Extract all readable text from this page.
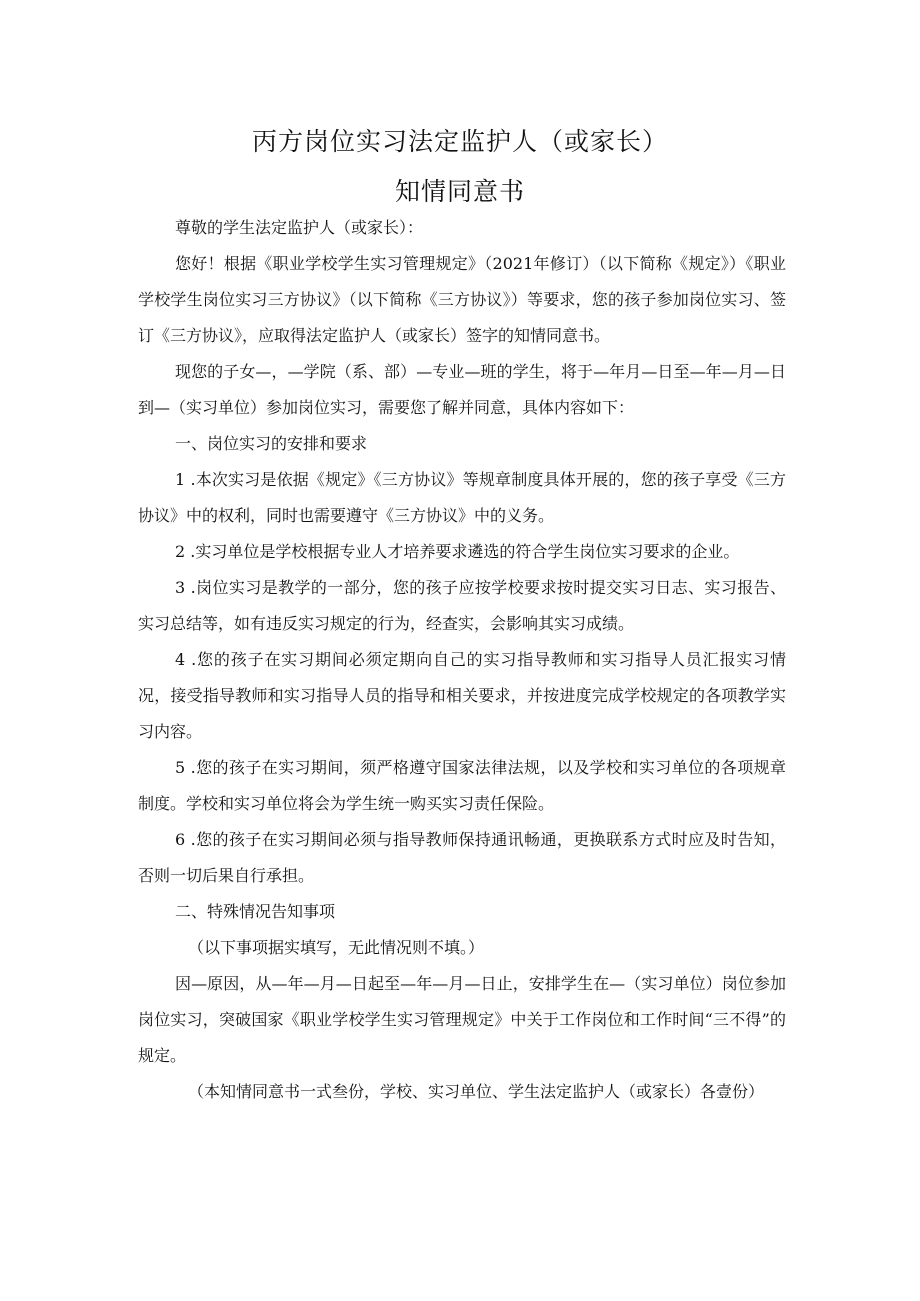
丙方岗位实习法定监护人（或家长）
知情同意书

尊敬的学生法定监护人（或家长）：

您好！根据《职业学校学生实习管理规定》（2021年修订）（以下简称《规定》）《职业学校学生岗位实习三方协议》（以下简称《三方协议》）等要求，您的孩子参加岗位实习、签订《三方协议》，应取得法定监护人（或家长）签字的知情同意书。

现您的子女—，—学院（系、部）—专业—班的学生，将于—年月—日至—年—月—日到—（实习单位）参加岗位实习，需要您了解并同意，具体内容如下：

一、岗位实习的安排和要求

1 .本次实习是依据《规定》《三方协议》等规章制度具体开展的，您的孩子享受《三方协议》中的权利，同时也需要遵守《三方协议》中的义务。

2 .实习单位是学校根据专业人才培养要求遴选的符合学生岗位实习要求的企业。

3 .岗位实习是教学的一部分，您的孩子应按学校要求按时提交实习日志、实习报告、实习总结等，如有违反实习规定的行为，经查实，会影响其实习成绩。

4 .您的孩子在实习期间必须定期向自己的实习指导教师和实习指导人员汇报实习情况，接受指导教师和实习指导人员的指导和相关要求，并按进度完成学校规定的各项教学实习内容。

5 .您的孩子在实习期间，须严格遵守国家法律法规，以及学校和实习单位的各项规章制度。学校和实习单位将会为学生统一购买实习责任保险。

6 .您的孩子在实习期间必须与指导教师保持通讯畅通，更换联系方式时应及时告知，否则一切后果自行承担。

二、特殊情况告知事项

（以下事项据实填写，无此情况则不填。）

因—原因，从—年—月—日起至—年—月—日止，安排学生在—（实习单位）岗位参加岗位实习，突破国家《职业学校学生实习管理规定》中关于工作岗位和工作时间“三不得”的规定。

（本知情同意书一式叁份，学校、实习单位、学生法定监护人（或家长）各壹份）
